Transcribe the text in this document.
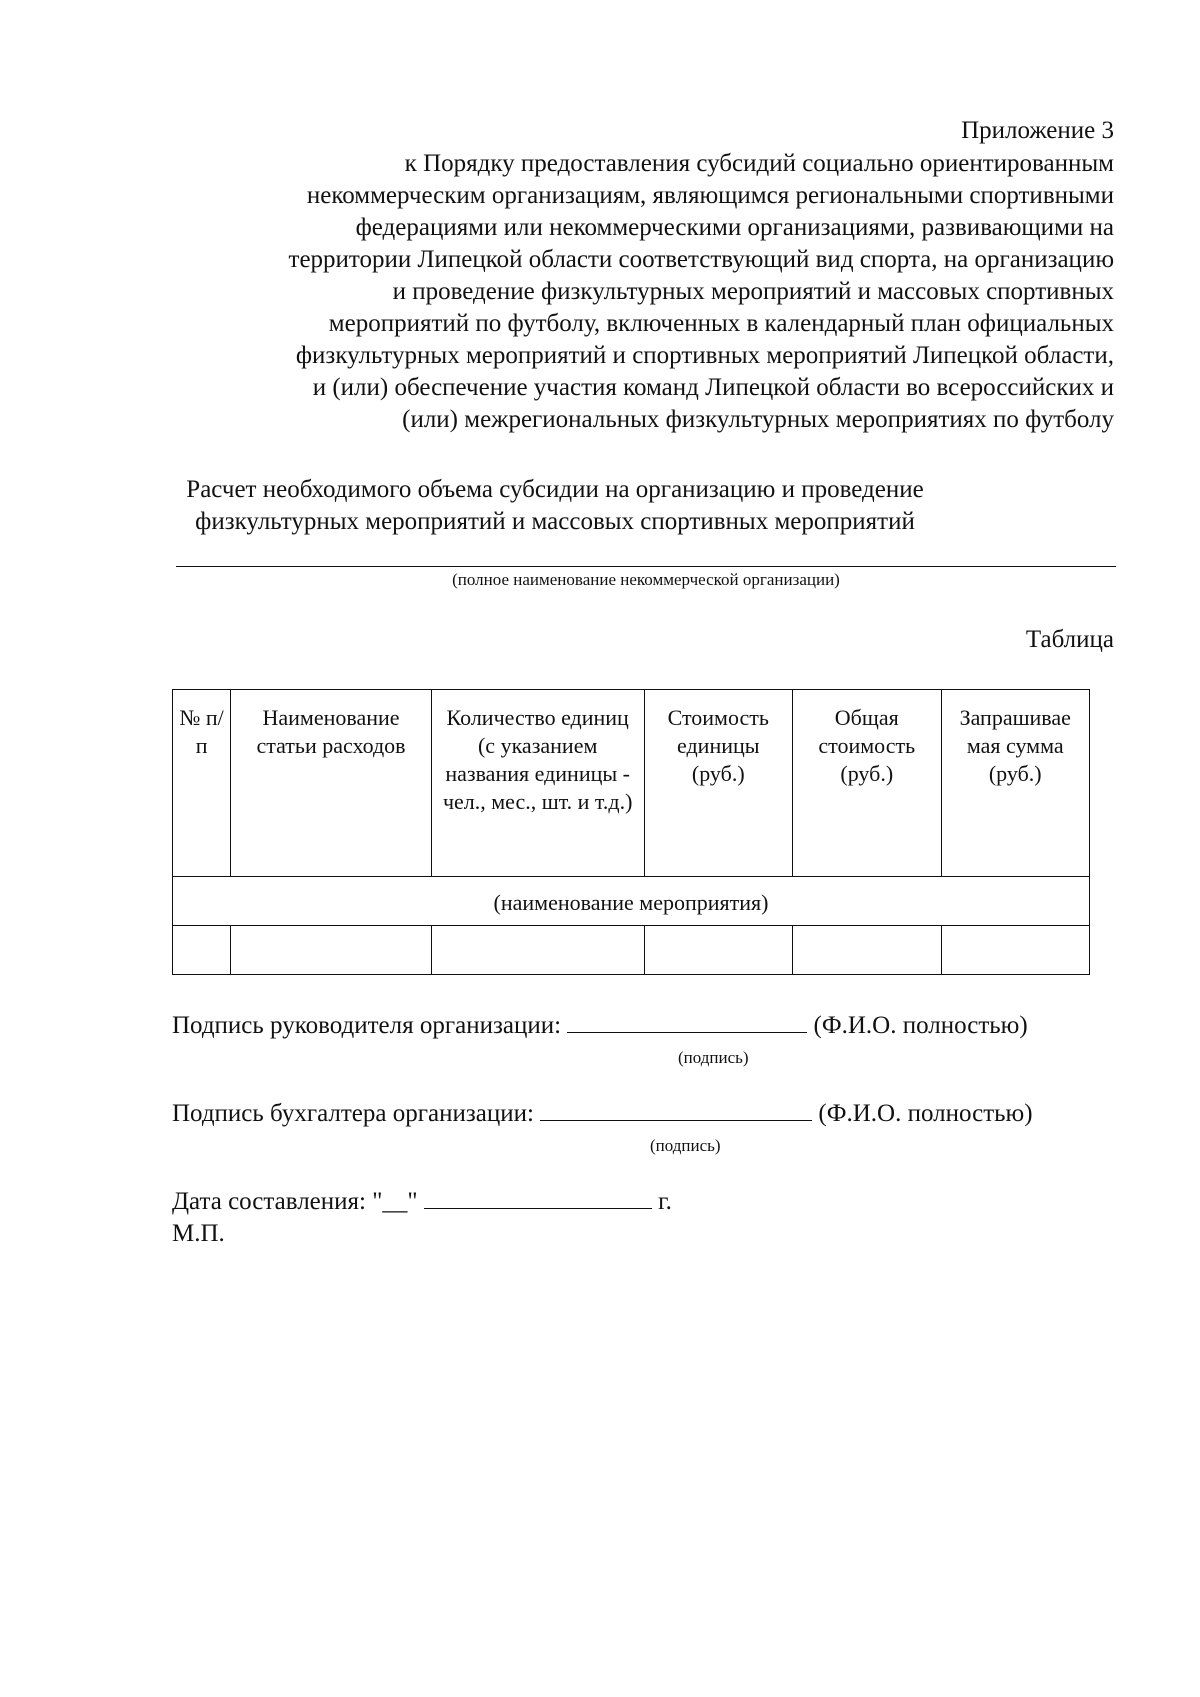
Приложение 3
к Порядку предоставления субсидий социально ориентированным
некоммерческим организациям, являющимся региональными спортивными
федерациями или некоммерческими организациями, развивающими на
территории Липецкой области соответствующий вид спорта, на организацию
и проведение физкультурных мероприятий и массовых спортивных
мероприятий по футболу, включенных в календарный план официальных
физкультурных мероприятий и спортивных мероприятий Липецкой области,
и (или) обеспечение участия команд Липецкой области во всероссийских и
(или) межрегиональных физкультурных мероприятиях по футболу
Расчет необходимого объема субсидии на организацию и проведение
физкультурных мероприятий и массовых спортивных мероприятий
(полное наименование некоммерческой организации)
Таблица
№ п/п	Наименование статьи расходов	Количество единиц (с указанием названия единицы - чел., мес., шт. и т.д.)	Стоимость единицы (руб.)	Общая стоимость (руб.)	Запрашивае мая сумма (руб.)
(наименование мероприятия)					

Подпись руководителя организации:	(Ф.И.О. полностью)
(подпись)
Подпись бухгалтера организации:	(Ф.И.О. полностью)
(подпись)
Дата составления: "__"	г.
М.П.
